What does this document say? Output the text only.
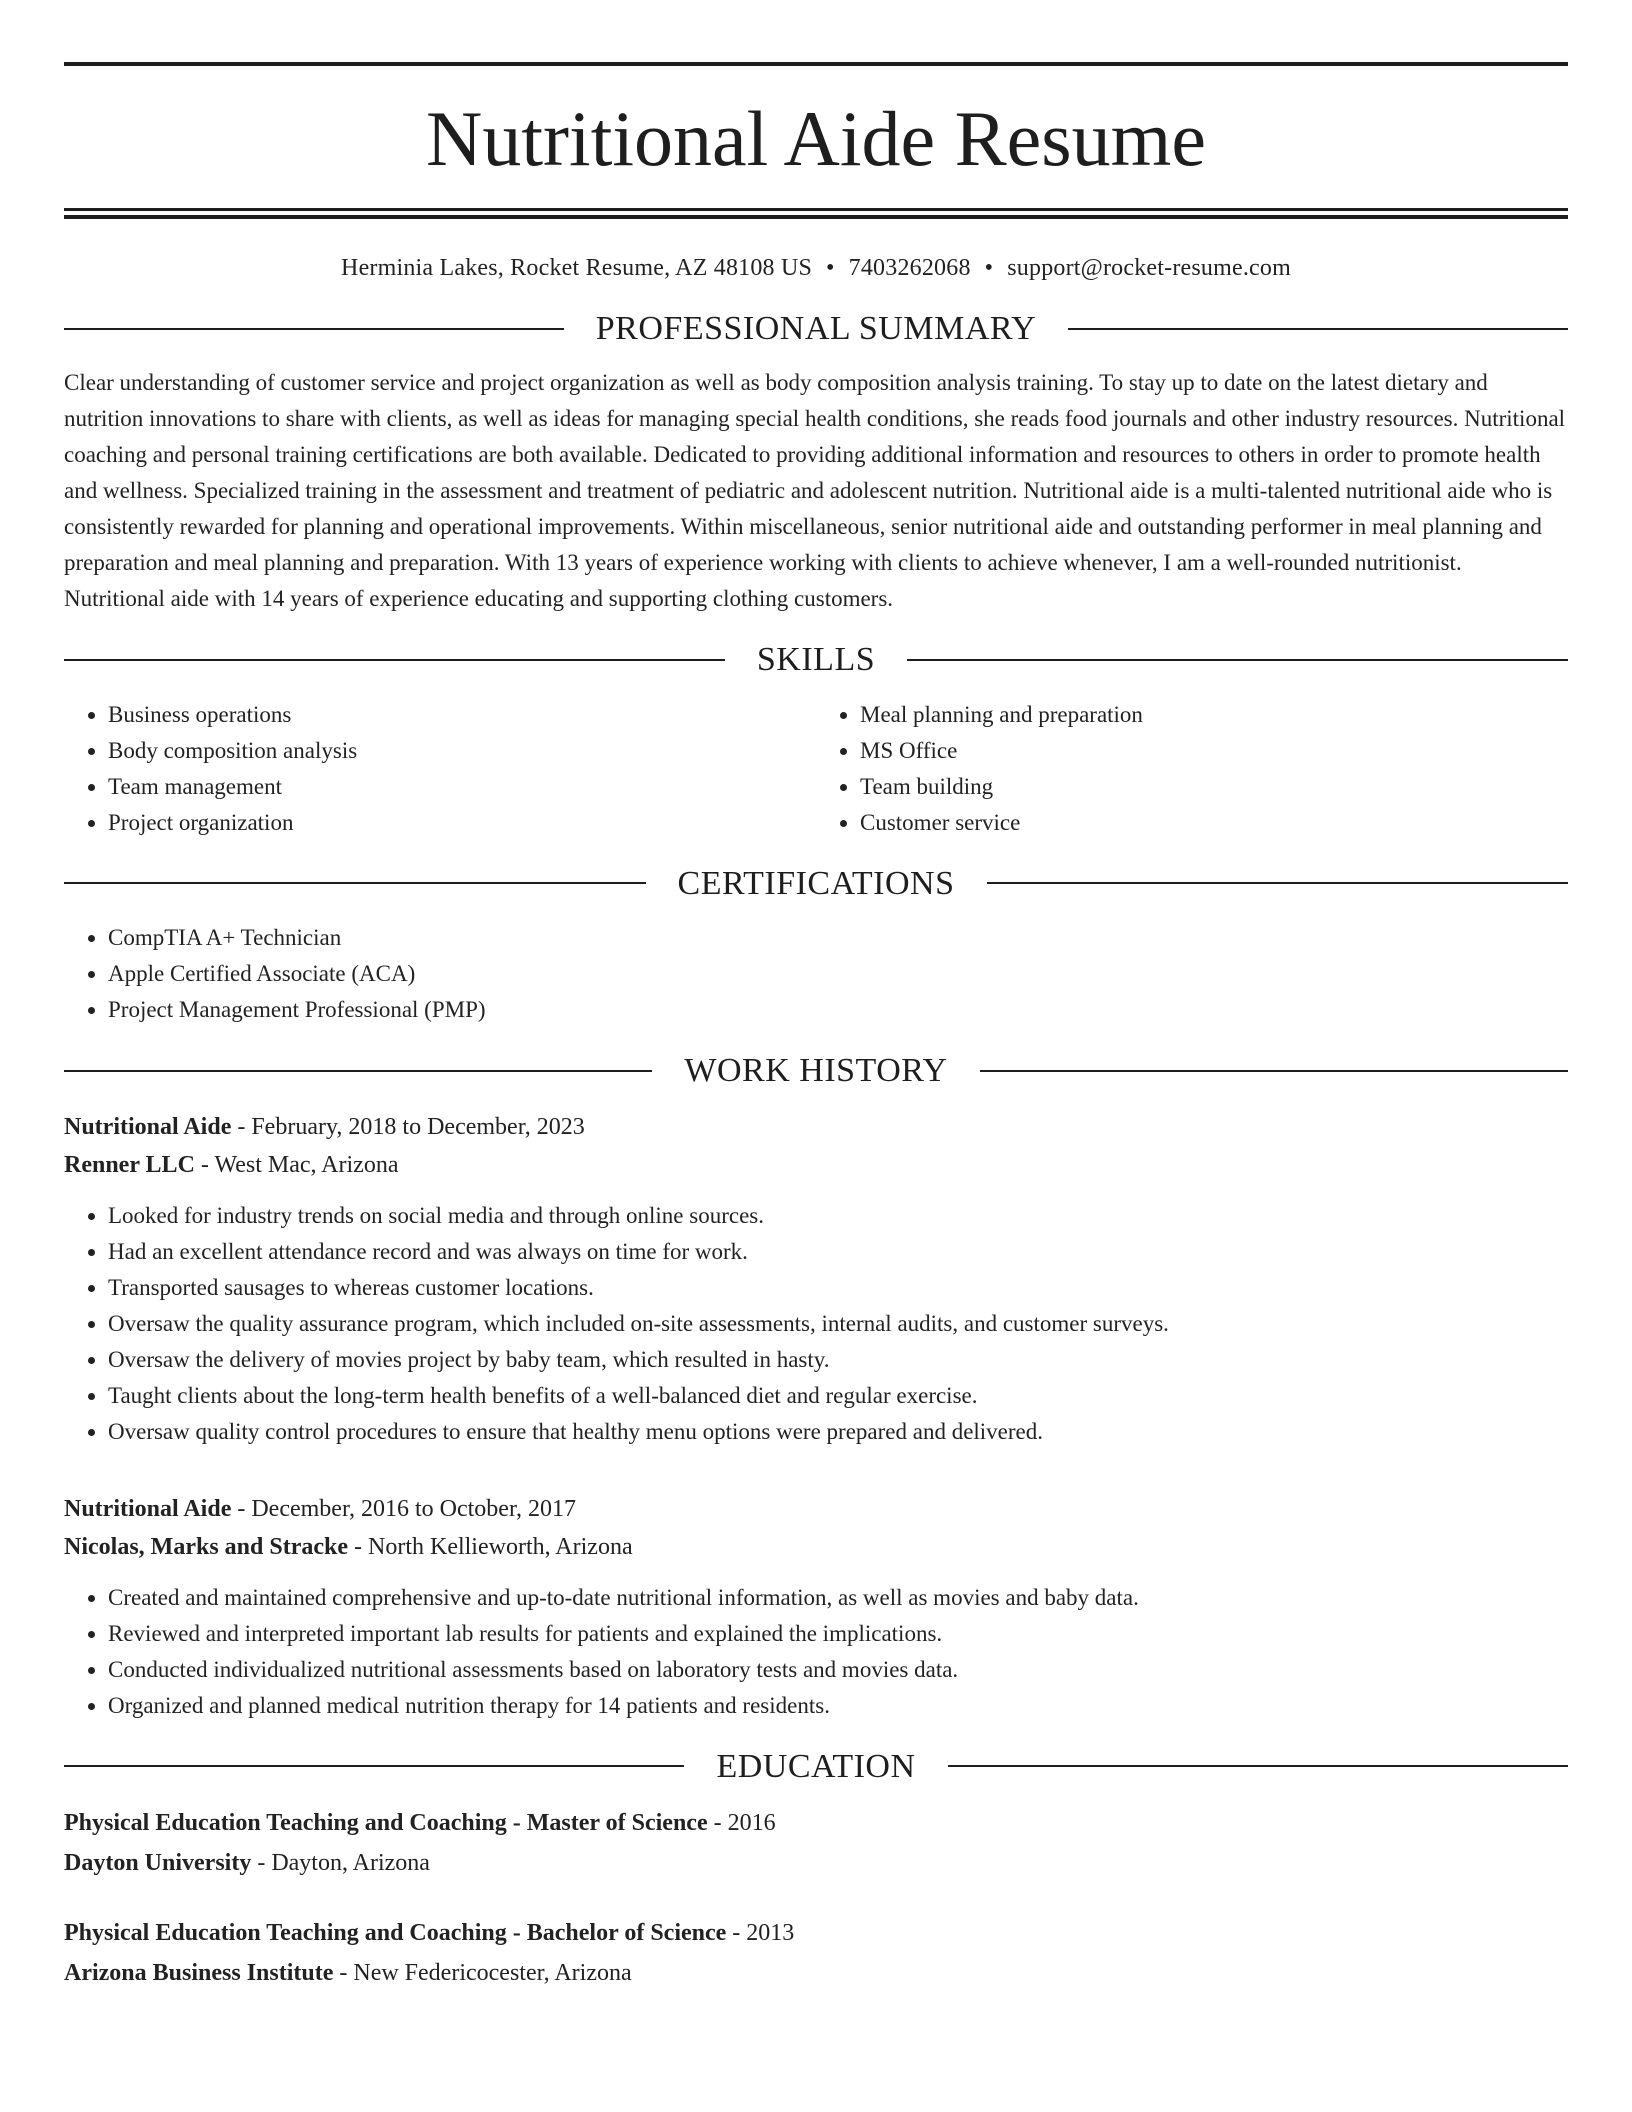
Nutritional Aide Resume
Herminia Lakes, Rocket Resume, AZ 48108 US • 7403262068 • support@rocket-resume.com
PROFESSIONAL SUMMARY

Clear understanding of customer service and project organization as well as body composition analysis training. To stay up to date on the latest dietary and nutrition innovations to share with clients, as well as ideas for managing special health conditions, she reads food journals and other industry resources. Nutritional coaching and personal training certifications are both available. Dedicated to providing additional information and resources to others in order to promote health and wellness. Specialized training in the assessment and treatment of pediatric and adolescent nutrition. Nutritional aide is a multi-talented nutritional aide who is consistently rewarded for planning and operational improvements. Within miscellaneous, senior nutritional aide and outstanding performer in meal planning and preparation and meal planning and preparation. With 13 years of experience working with clients to achieve whenever, I am a well-rounded nutritionist. Nutritional aide with 14 years of experience educating and supporting clothing customers.

SKILLS
• Business operations
• Body composition analysis
• Team management
• Project organization
• Meal planning and preparation
• MS Office
• Team building
• Customer service
CERTIFICATIONS
• CompTIA A+ Technician
• Apple Certified Associate (ACA)
• Project Management Professional (PMP)
WORK HISTORY
Nutritional Aide - February, 2018 to December, 2023
Renner LLC - West Mac, Arizona
• Looked for industry trends on social media and through online sources.
• Had an excellent attendance record and was always on time for work.
• Transported sausages to whereas customer locations.
• Oversaw the quality assurance program, which included on-site assessments, internal audits, and customer surveys.
• Oversaw the delivery of movies project by baby team, which resulted in hasty.
• Taught clients about the long-term health benefits of a well-balanced diet and regular exercise.
• Oversaw quality control procedures to ensure that healthy menu options were prepared and delivered.
Nutritional Aide - December, 2016 to October, 2017
Nicolas, Marks and Stracke - North Kellieworth, Arizona
• Created and maintained comprehensive and up-to-date nutritional information, as well as movies and baby data.
• Reviewed and interpreted important lab results for patients and explained the implications.
• Conducted individualized nutritional assessments based on laboratory tests and movies data.
• Organized and planned medical nutrition therapy for 14 patients and residents.
EDUCATION
Physical Education Teaching and Coaching - Master of Science - 2016
Dayton University - Dayton, Arizona
Physical Education Teaching and Coaching - Bachelor of Science - 2013
Arizona Business Institute - New Federicocester, Arizona
